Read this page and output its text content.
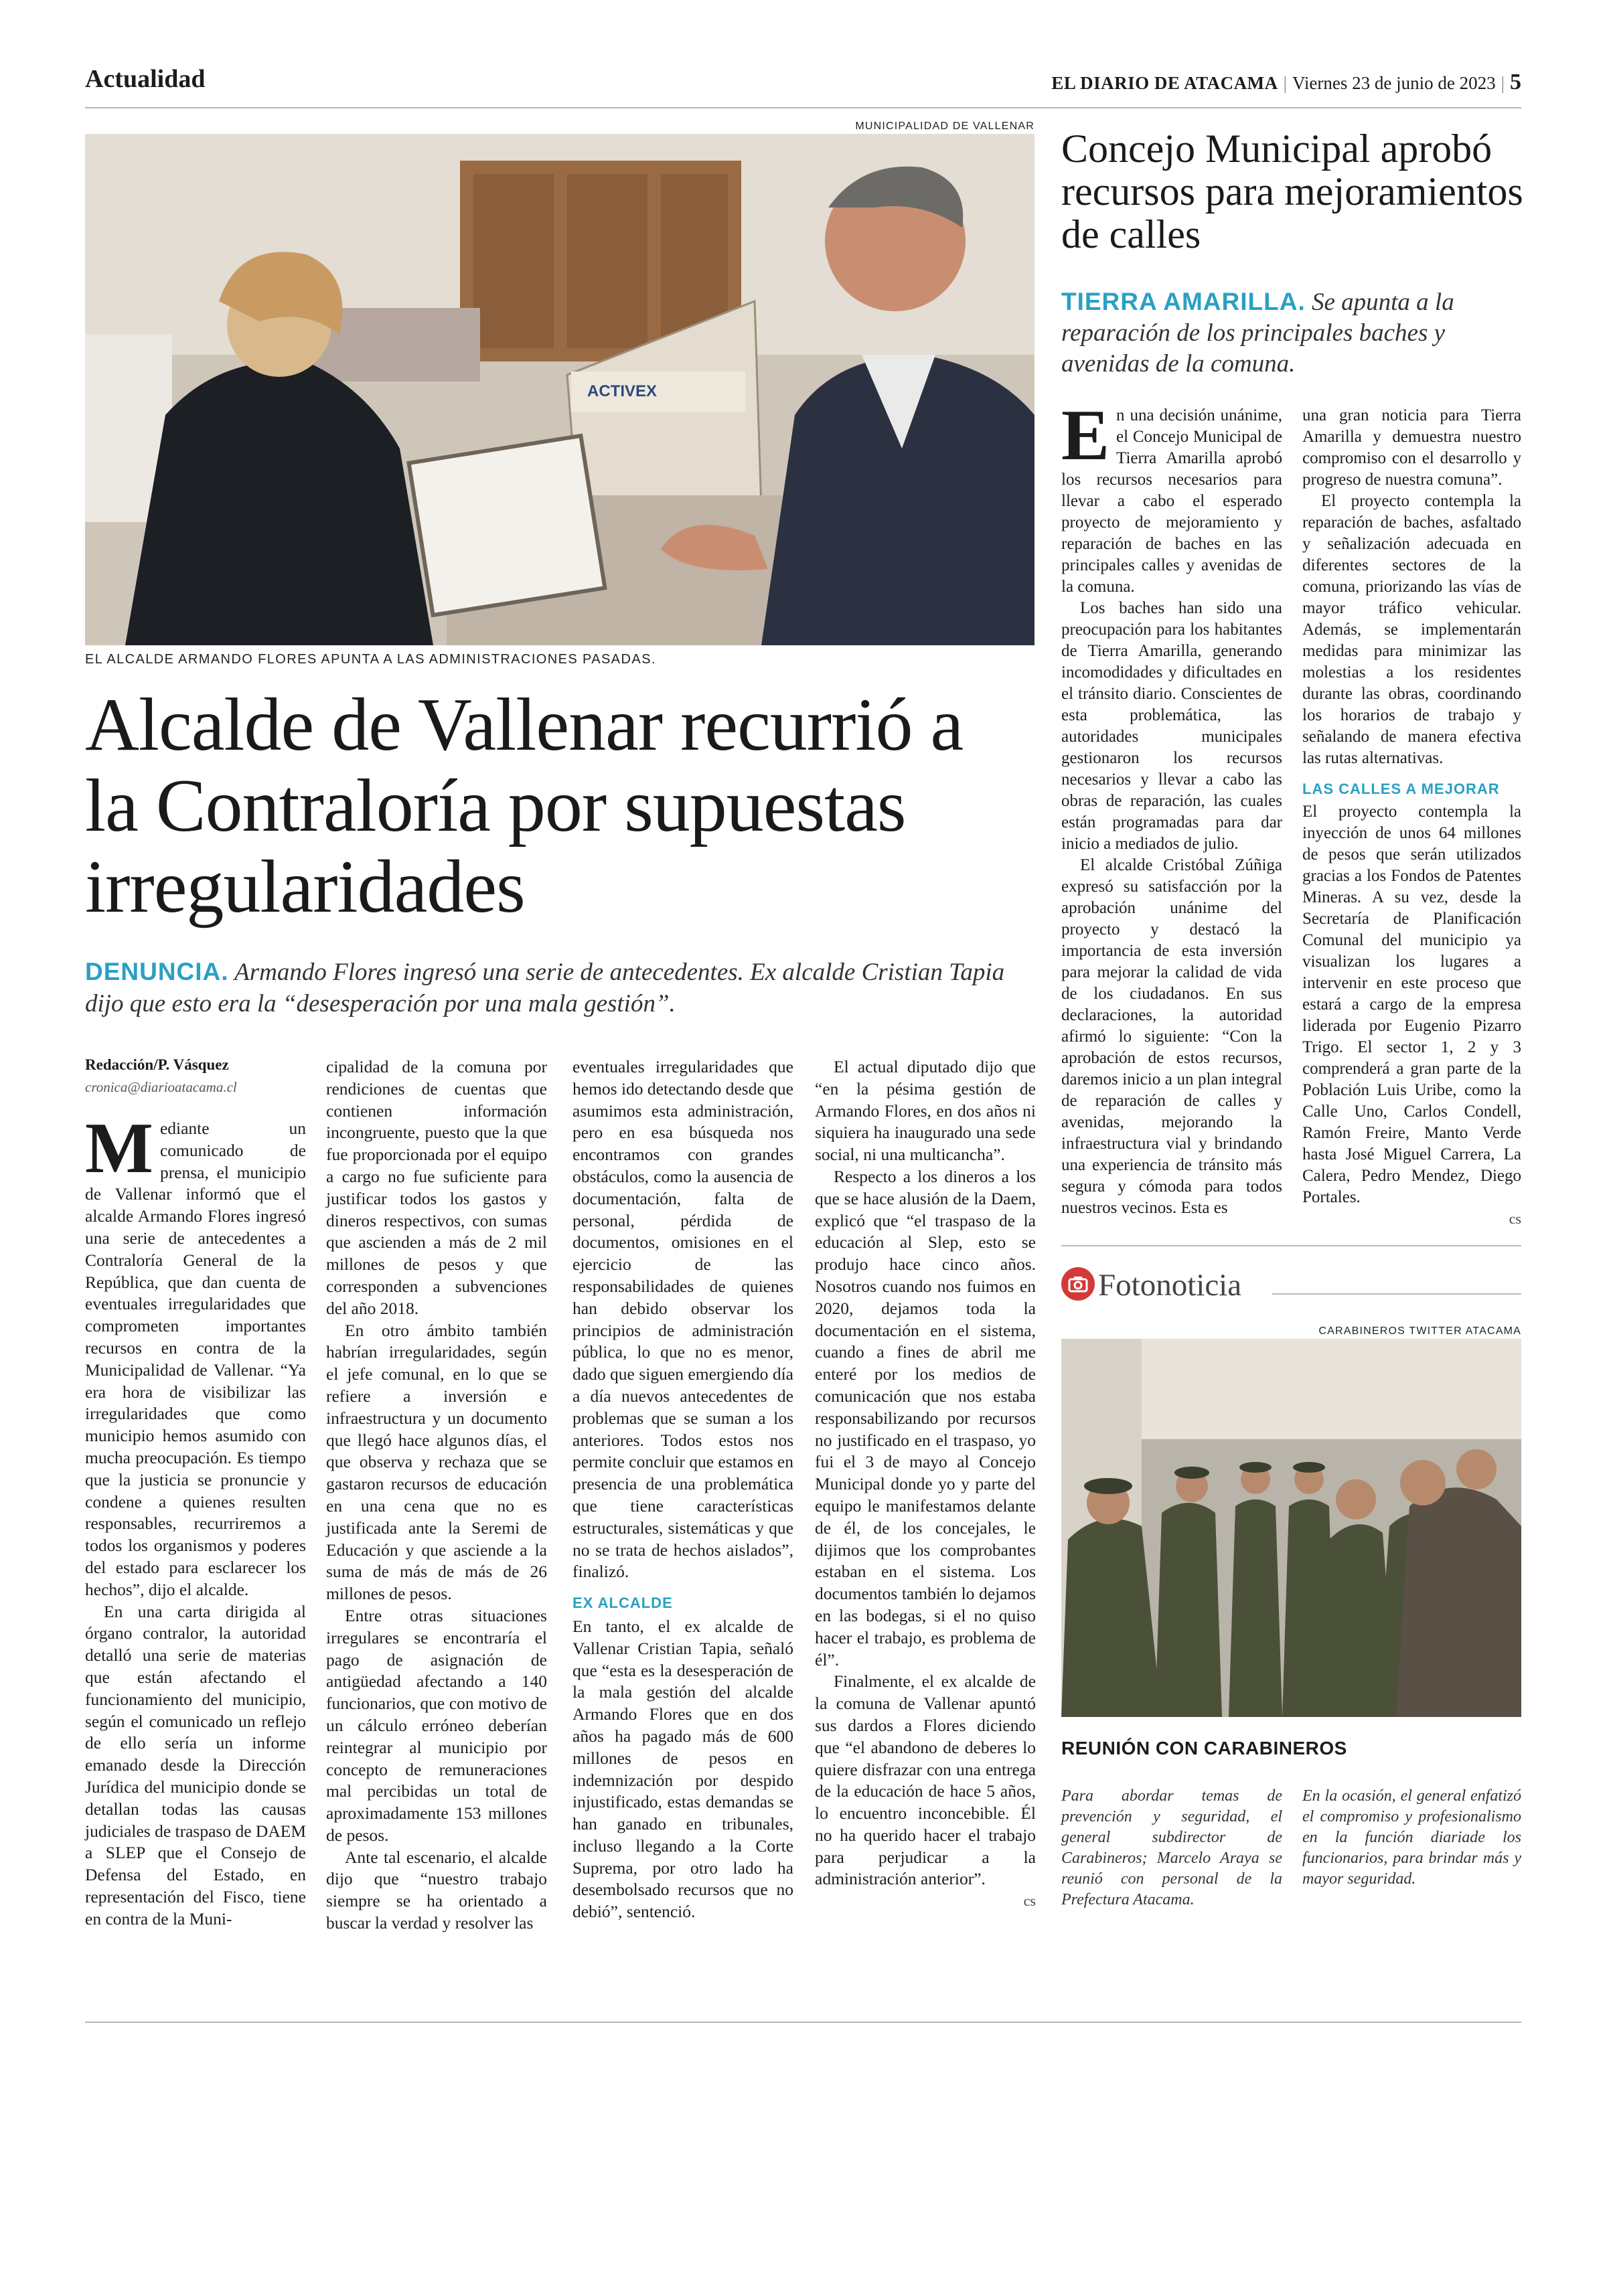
Actualidad	EL DIARIO DE ATACAMA | Viernes 23 de junio de 2023 | 5
MUNICIPALIDAD DE VALLENAR
ACTIVEX
EL ALCALDE ARMANDO FLORES APUNTA A LAS ADMINISTRACIONES PASADAS.
Alcalde de Vallenar recurrió a la Contraloría por supuestas irregularidades
DENUNCIA. Armando Flores ingresó una serie de antecedentes. Ex alcalde Cristian Tapia dijo que esto era la “desesperación por una mala gestión”.
Redacción/P. Vásquez
cronica@diarioatacama.cl
M ediante un comunicado de prensa, el municipio de Vallenar informó que el alcalde Armando Flores ingresó una serie de antecedentes a Contraloría General de la República, que dan cuenta de eventuales irregularidades que comprometen importantes recursos en contra de la Municipalidad de Vallenar. “Ya era hora de visibilizar las irregularidades que como municipio hemos asumido con mucha preocupación. Es tiempo que la justicia se pronuncie y condene a quienes resulten responsables, recurriremos a todos los organismos y poderes del estado para esclarecer los hechos”, dijo el alcalde.

En una carta dirigida al órgano contralor, la autoridad detalló una serie de materias que están afectando el funcionamiento del municipio, según el comunicado un reflejo de ello sería un informe emanado desde la Dirección Jurídica del municipio donde se detallan todas las causas judiciales de traspaso de DAEM a SLEP que el Consejo de Defensa del Estado, en representación del Fisco, tiene en contra de la Muni-

cipalidad de la comuna por rendiciones de cuentas que contienen información incongruente, puesto que la que fue proporcionada por el equipo a cargo no fue suficiente para justificar todos los gastos y dineros respectivos, con sumas que ascienden a más de 2 mil millones de pesos y que corresponden a subvenciones del año 2018.

En otro ámbito también habrían irregularidades, según el jefe comunal, en lo que se refiere a inversión e infraestructura y un documento que llegó hace algunos días, el que observa y rechaza que se gastaron recursos de educación en una cena que no es justificada ante la Seremi de Educación y que asciende a la suma de más de más de 26 millones de pesos.

Entre otras situaciones irregulares se encontraría el pago de asignación de antigüedad afectando a 140 funcionarios, que con motivo de un cálculo erróneo deberían reintegrar al municipio por concepto de remuneraciones mal percibidas un total de aproximadamente 153 millones de pesos.

Ante tal escenario, el alcalde dijo que “nuestro trabajo siempre se ha orientado a buscar la verdad y resolver las

eventuales irregularidades que hemos ido detectando desde que asumimos esta administración, pero en esa búsqueda nos encontramos con grandes obstáculos, como la ausencia de documentación, falta de personal, pérdida de documentos, omisiones en el ejercicio de las responsabilidades de quienes han debido observar los principios de administración pública, lo que no es menor, dado que siguen emergiendo día a día nuevos antecedentes de problemas que se suman a los anteriores. Todos estos nos permite concluir que estamos en presencia de una problemática que tiene características estructurales, sistemáticas y que no se trata de hechos aislados”, finalizó.

EX ALCALDE

En tanto, el ex alcalde de Vallenar Cristian Tapia, señaló que “esta es la desesperación de la mala gestión del alcalde Armando Flores que en dos años ha pagado más de 600 millones de pesos en indemnización por despido injustificado, estas demandas se han ganado en tribunales, incluso llegando a la Corte Suprema, por otro lado ha desembolsado recursos que no debió”, sentenció.

El actual diputado dijo que “en la pésima gestión de Armando Flores, en dos años ni siquiera ha inaugurado una sede social, ni una multicancha”.

Respecto a los dineros a los que se hace alusión de la Daem, explicó que “el traspaso de la educación al Slep, esto se produjo hace cinco años. Nosotros cuando nos fuimos en 2020, dejamos toda la documentación en el sistema, cuando a fines de abril me enteré por los medios de comunicación que nos estaba responsabilizando por recursos no justificado en el traspaso, yo fui el 3 de mayo al Concejo Municipal donde yo y parte del equipo le manifestamos delante de él, de los concejales, le dijimos que los comprobantes estaban en el sistema. Los documentos también lo dejamos en las bodegas, si el no quiso hacer el trabajo, es problema de él”.

Finalmente, el ex alcalde de la comuna de Vallenar apuntó sus dardos a Flores diciendo que “el abandono de deberes lo quiere disfrazar con una entrega de la educación de hace 5 años, lo encuentro inconcebible. Él no ha querido hacer el trabajo para perjudicar a la administración anterior”.

cs
Concejo Municipal aprobó recursos para mejoramientos de calles
TIERRA AMARILLA. Se apunta a la reparación de los principales baches y avenidas de la comuna.
E n una decisión unánime, el Concejo Municipal de Tierra Amarilla aprobó los recursos necesarios para llevar a cabo el esperado proyecto de mejoramiento y reparación de baches en las principales calles y avenidas de la comuna.

Los baches han sido una preocupación para los habitantes de Tierra Amarilla, generando incomodidades y dificultades en el tránsito diario. Conscientes de esta problemática, las autoridades municipales gestionaron los recursos necesarios y llevar a cabo las obras de reparación, las cuales están programadas para dar inicio a mediados de julio.

El alcalde Cristóbal Zúñiga expresó su satisfacción por la aprobación unánime del proyecto y destacó la importancia de esta inversión para mejorar la calidad de vida de los ciudadanos. En sus declaraciones, la autoridad afirmó lo siguiente: “Con la aprobación de estos recursos, daremos inicio a un plan integral de reparación de calles y avenidas, mejorando la infraestructura vial y brindando una experiencia de tránsito más segura y cómoda para todos nuestros vecinos. Esta es

una gran noticia para Tierra Amarilla y demuestra nuestro compromiso con el desarrollo y progreso de nuestra comuna”.

El proyecto contempla la reparación de baches, asfaltado y señalización adecuada en diferentes sectores de la comuna, priorizando las vías de mayor tráfico vehicular. Además, se implementarán medidas para minimizar las molestias a los residentes durante las obras, coordinando los horarios de trabajo y señalando de manera efectiva las rutas alternativas.

LAS CALLES A MEJORAR

El proyecto contempla la inyección de unos 64 millones de pesos que serán utilizados gracias a los Fondos de Patentes Mineras. A su vez, desde la Secretaría de Planificación Comunal del municipio ya visualizan los lugares a intervenir en este proceso que estará a cargo de la empresa liderada por Eugenio Pizarro Trigo. El sector 1, 2 y 3 comprenderá a gran parte de la Población Luis Uribe, como la Calle Uno, Carlos Condell, Ramón Freire, Manto Verde hasta José Miguel Carrera, La Calera, Pedro Mendez, Diego Portales.

cs
Fotonoticia
CARABINEROS TWITTER ATACAMA
REUNIÓN CON CARABINEROS
Para abordar temas de prevención y seguridad, el general subdirector de Carabineros; Marcelo Araya se reunió con personal de la Prefectura Atacama.
En la ocasión, el general enfatizó el compromiso y profesionalismo en la función diariade los funcionarios, para brindar más y mayor seguridad.
